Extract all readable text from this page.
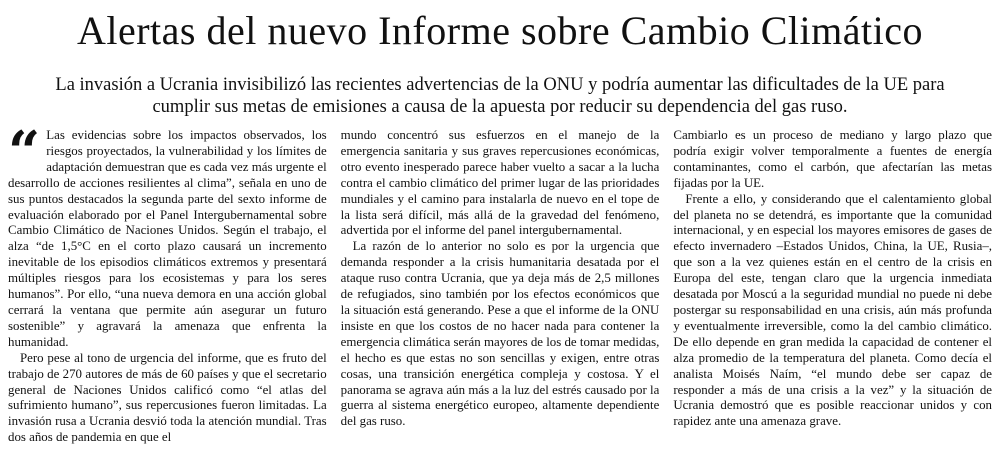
Alertas del nuevo Informe sobre Cambio Climático

La invasión a Ucrania invisibilizó las recientes advertencias de la ONU y podría aumentar las dificultades de la UE para cumplir sus metas de emisiones a causa de la apuesta por reducir su dependencia del gas ruso.

“ Las evidencias sobre los impactos observados, los riesgos proyectados, la vulnerabilidad y los límites de adaptación demuestran que es cada vez más urgente el desarrollo de acciones resilientes al clima”, señala en uno de sus puntos destacados la segunda parte del sexto informe de evaluación elaborado por el Panel Intergubernamental sobre Cambio Climático de Naciones Unidos. Según el trabajo, el alza “de 1,5°C en el corto plazo causará un incremento inevitable de los episodios climáticos extremos y presentará múltiples riesgos para los ecosistemas y para los seres humanos”. Por ello, “una nueva demora en una acción global cerrará la ventana que permite aún asegurar un futuro sostenible” y agravará la amenaza que enfrenta la humanidad.

Pero pese al tono de urgencia del informe, que es fruto del trabajo de 270 autores de más de 60 países y que el secretario general de Naciones Unidos calificó como “el atlas del sufrimiento humano”, sus repercusiones fueron limitadas. La invasión rusa a Ucrania desvió toda la atención mundial. Tras dos años de pandemia en que el

mundo concentró sus esfuerzos en el manejo de la emergencia sanitaria y sus graves repercusiones económicas, otro evento inesperado parece haber vuelto a sacar a la lucha contra el cambio climático del primer lugar de las prioridades mundiales y el camino para instalarla de nuevo en el tope de la lista será difícil, más allá de la gravedad del fenómeno, advertida por el informe del panel intergubernamental.

La razón de lo anterior no solo es por la urgencia que demanda responder a la crisis humanitaria desatada por el ataque ruso contra Ucrania, que ya deja más de 2,5 millones de refugiados, sino también por los efectos económicos que la situación está generando. Pese a que el informe de la ONU insiste en que los costos de no hacer nada para contener la emergencia climática serán mayores de los de tomar medidas, el hecho es que estas no son sencillas y exigen, entre otras cosas, una transición energética compleja y costosa. Y el panorama se agrava aún más a la luz del estrés causado por la guerra al sistema energético europeo, altamente dependiente del gas ruso.

Cambiarlo es un proceso de mediano y largo plazo que podría exigir volver temporalmente a fuentes de energía contaminantes, como el carbón, que afectarían las metas fijadas por la UE.

Frente a ello, y considerando que el calentamiento global del planeta no se detendrá, es importante que la comunidad internacional, y en especial los mayores emisores de gases de efecto invernadero –Estados Unidos, China, la UE, Rusia–, que son a la vez quienes están en el centro de la crisis en Europa del este, tengan claro que la urgencia inmediata desatada por Moscú a la seguridad mundial no puede ni debe postergar su responsabilidad en una crisis, aún más profunda y eventualmente irreversible, como la del cambio climático. De ello depende en gran medida la capacidad de contener el alza promedio de la temperatura del planeta. Como decía el analista Moisés Naím, “el mundo debe ser capaz de responder a más de una crisis a la vez” y la situación de Ucrania demostró que es posible reaccionar unidos y con rapidez ante una amenaza grave.
